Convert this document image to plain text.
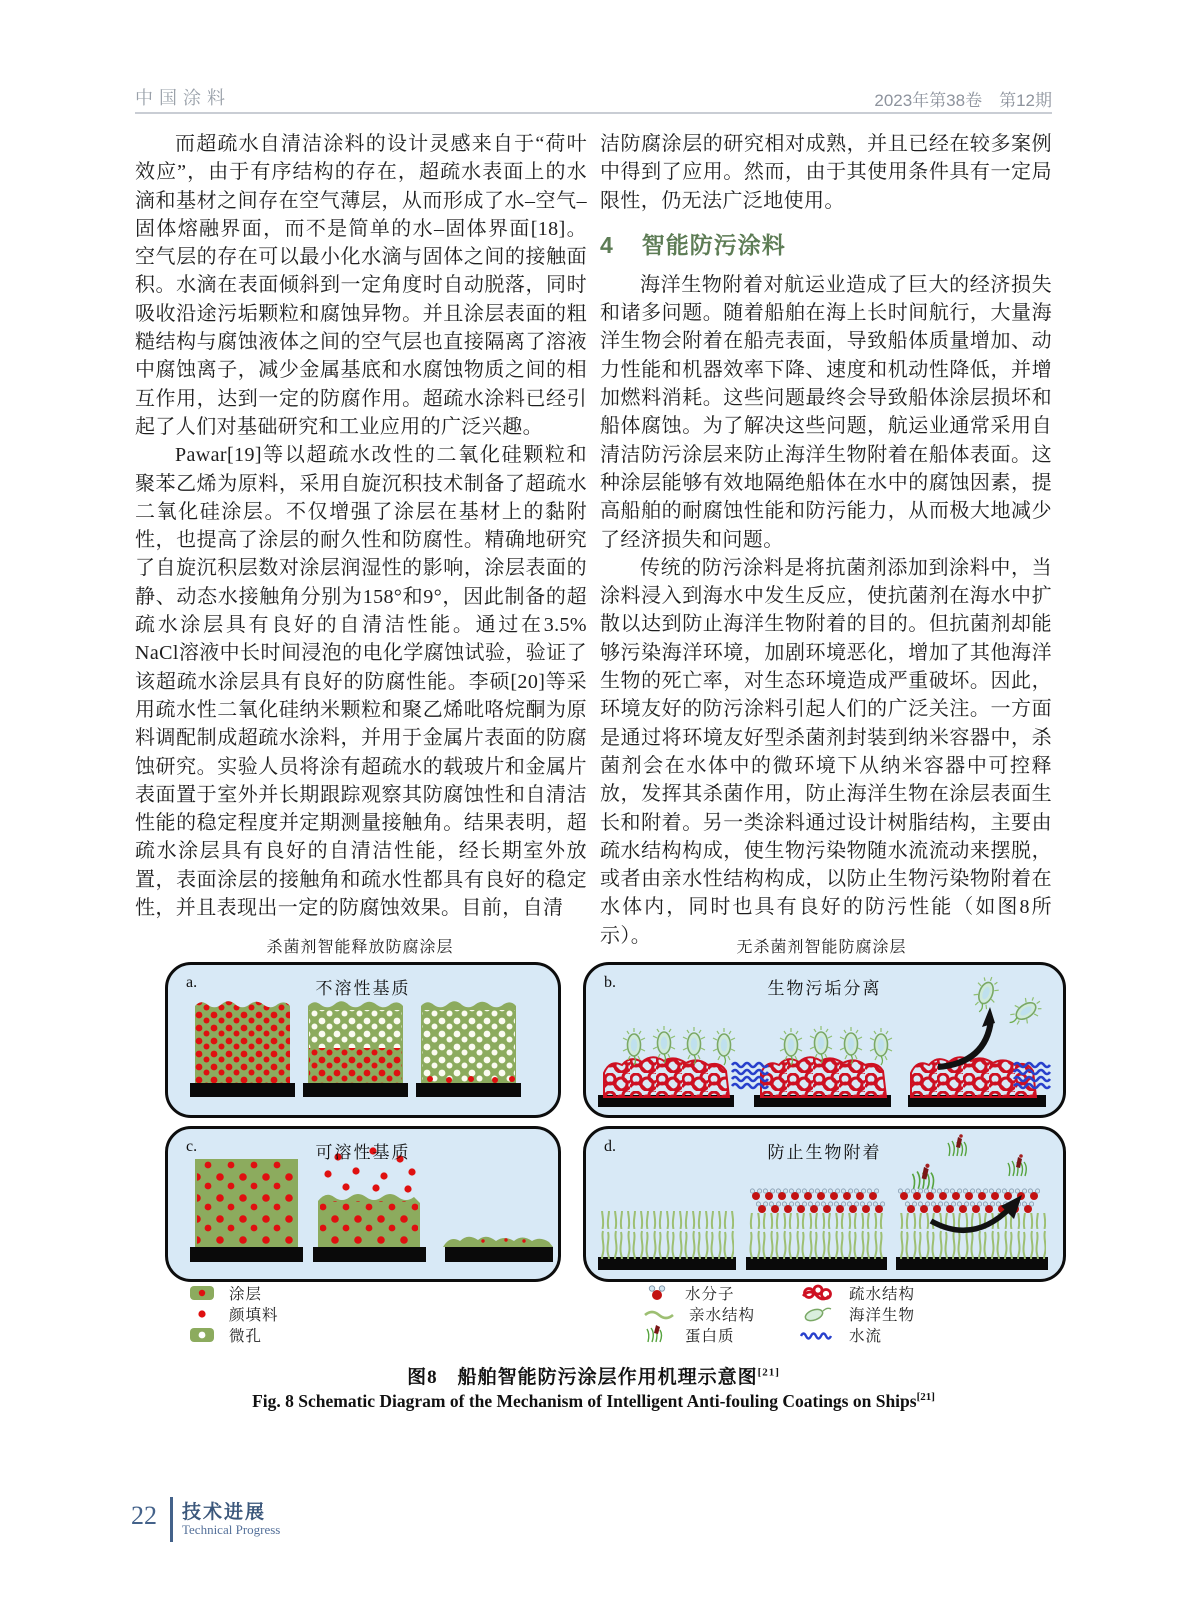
中国涂料	2023年第38卷　第12期

而超疏水自清洁涂料的设计灵感来自于“荷叶效应”，由于有序结构的存在，超疏水表面上的水滴和基材之间存在空气薄层，从而形成了水–空气–固体熔融界面，而不是简单的水–固体界面[18]。空气层的存在可以最小化水滴与固体之间的接触面积。水滴在表面倾斜到一定角度时自动脱落，同时吸收沿途污垢颗粒和腐蚀异物。并且涂层表面的粗糙结构与腐蚀液体之间的空气层也直接隔离了溶液中腐蚀离子，减少金属基底和水腐蚀物质之间的相互作用，达到一定的防腐作用。超疏水涂料已经引起了人们对基础研究和工业应用的广泛兴趣。

Pawar[19]等以超疏水改性的二氧化硅颗粒和聚苯乙烯为原料，采用自旋沉积技术制备了超疏水二氧化硅涂层。不仅增强了涂层在基材上的黏附性，也提高了涂层的耐久性和防腐性。精确地研究了自旋沉积层数对涂层润湿性的影响，涂层表面的静、动态水接触角分别为158°和9°，因此制备的超疏水涂层具有良好的自清洁性能。通过在3.5% NaCl溶液中长时间浸泡的电化学腐蚀试验，验证了该超疏水涂层具有良好的防腐性能。李硕[20]等采用疏水性二氧化硅纳米颗粒和聚乙烯吡咯烷酮为原料调配制成超疏水涂料，并用于金属片表面的防腐蚀研究。实验人员将涂有超疏水的载玻片和金属片表面置于室外并长期跟踪观察其防腐蚀性和自清洁性能的稳定程度并定期测量接触角。结果表明，超疏水涂层具有良好的自清洁性能，经长期室外放置，表面涂层的接触角和疏水性都具有良好的稳定性，并且表现出一定的防腐蚀效果。目前，自清

洁防腐涂层的研究相对成熟，并且已经在较多案例中得到了应用。然而，由于其使用条件具有一定局限性，仍无法广泛地使用。

4 智能防污涂料

海洋生物附着对航运业造成了巨大的经济损失和诸多问题。随着船舶在海上长时间航行，大量海洋生物会附着在船壳表面，导致船体质量增加、动力性能和机器效率下降、速度和机动性降低，并增加燃料消耗。这些问题最终会导致船体涂层损坏和船体腐蚀。为了解决这些问题，航运业通常采用自清洁防污涂层来防止海洋生物附着在船体表面。这种涂层能够有效地隔绝船体在水中的腐蚀因素，提高船舶的耐腐蚀性能和防污能力，从而极大地减少了经济损失和问题。

传统的防污涂料是将抗菌剂添加到涂料中，当涂料浸入到海水中发生反应，使抗菌剂在海水中扩散以达到防止海洋生物附着的目的。但抗菌剂却能够污染海洋环境，加剧环境恶化，增加了其他海洋生物的死亡率，对生态环境造成严重破坏。因此，环境友好的防污涂料引起人们的广泛关注。一方面是通过将环境友好型杀菌剂封装到纳米容器中，杀菌剂会在水体中的微环境下从纳米容器中可控释放，发挥其杀菌作用，防止海洋生物在涂层表面生长和附着。另一类涂料通过设计树脂结构，主要由疏水结构构成，使生物污染物随水流流动来摆脱，或者由亲水性结构构成，以防止生物污染物附着在水体内，同时也具有良好的防污性能（如图8所示）。

杀菌剂智能释放防腐涂层	无杀菌剂智能防腐涂层
a.	不溶性基质	b.	生物污垢分离
c.	可溶性基质	d.	防止生物附着
涂层
颜填料
微孔
水分子
亲水结构
蛋白质
疏水结构
海洋生物
水流
图8　船舶智能防污涂层作用机理示意图[21]
Fig. 8 Schematic Diagram of the Mechanism of Intelligent Anti-fouling Coatings on Ships[21]
22 技术进展
Technical Progress
